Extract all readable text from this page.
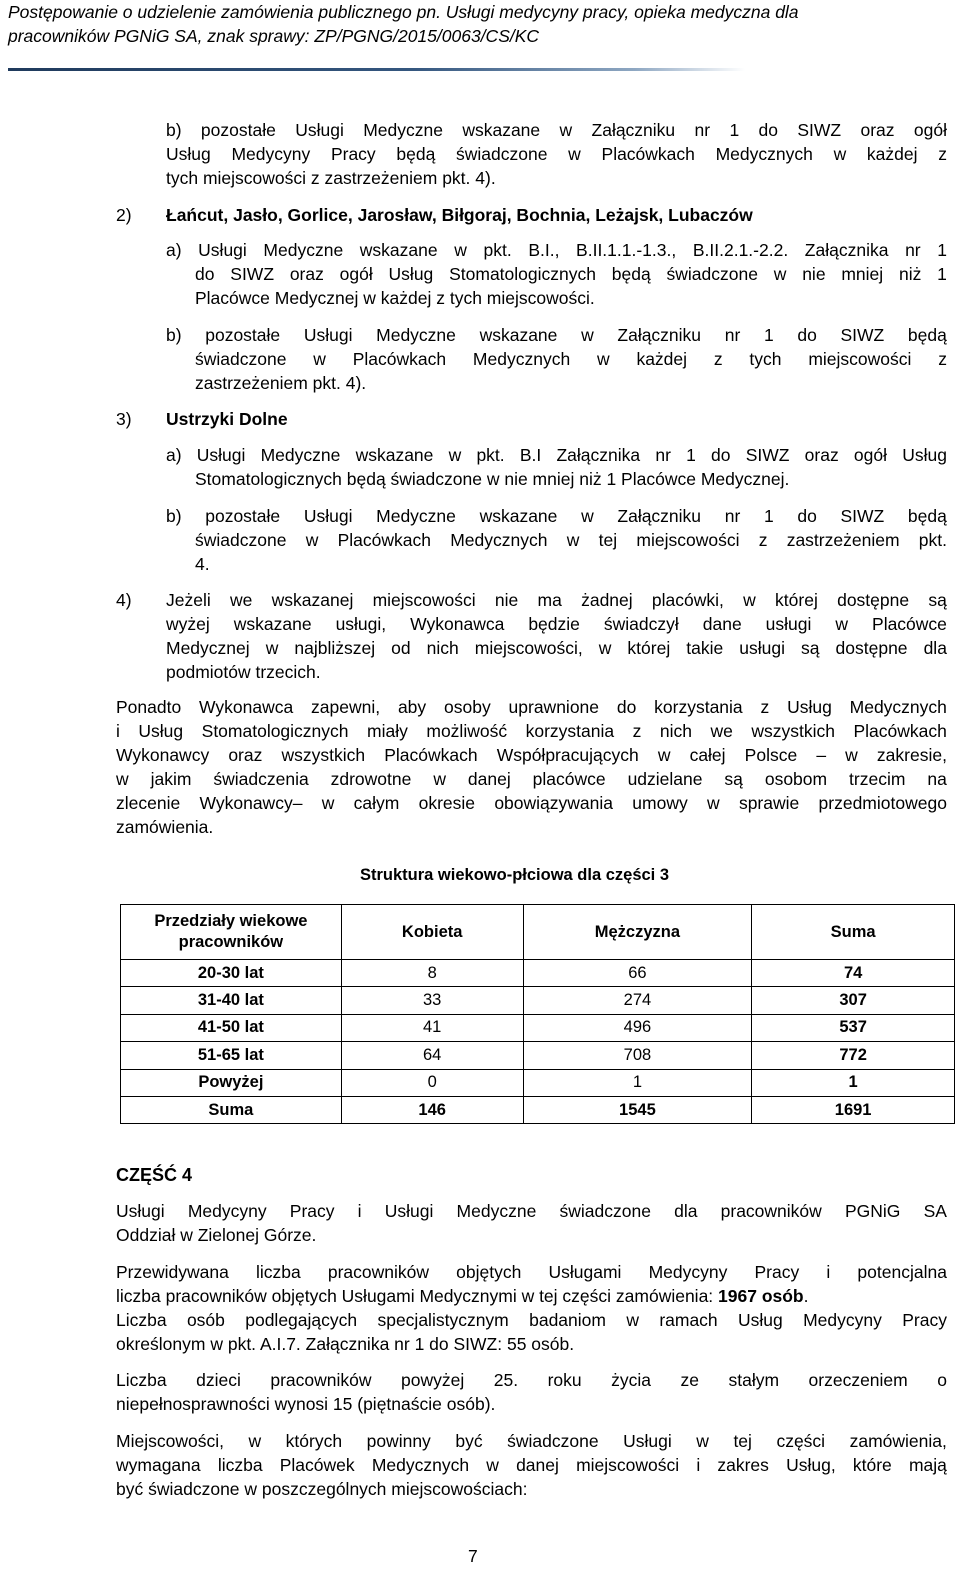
Postępowanie o udzielenie zamówienia publicznego pn. Usługi medycyny pracy, opieka medyczna dla
pracowników PGNiG SA, znak sprawy: ZP/PGNG/2015/0063/CS/KC
b) pozostałe Usługi Medyczne wskazane w Załączniku nr 1 do SIWZ oraz ogół
Usług Medycyny Pracy będą świadczone w Placówkach Medycznych w każdej z
tych miejscowości z zastrzeżeniem pkt. 4).
2) Łańcut, Jasło, Gorlice, Jarosław, Biłgoraj, Bochnia, Leżajsk, Lubaczów
a) Usługi Medyczne wskazane w pkt. B.I., B.II.1.1.-1.3., B.II.2.1.-2.2. Załącznika nr 1
do SIWZ oraz ogół Usług Stomatologicznych będą świadczone w nie mniej niż 1
Placówce Medycznej w każdej z tych miejscowości.
b) pozostałe Usługi Medyczne wskazane w Załączniku nr 1 do SIWZ będą
świadczone w Placówkach Medycznych w każdej z tych miejscowości z
zastrzeżeniem pkt. 4).
3) Ustrzyki Dolne
a) Usługi Medyczne wskazane w pkt. B.I Załącznika nr 1 do SIWZ oraz ogół Usług
Stomatologicznych będą świadczone w nie mniej niż 1 Placówce Medycznej.
b) pozostałe Usługi Medyczne wskazane w Załączniku nr 1 do SIWZ będą
świadczone w Placówkach Medycznych w tej miejscowości z zastrzeżeniem pkt.
4.
4) Jeżeli we wskazanej miejscowości nie ma żadnej placówki, w której dostępne są
wyżej wskazane usługi, Wykonawca będzie świadczył dane usługi w Placówce
Medycznej w najbliższej od nich miejscowości, w której takie usługi są dostępne dla
podmiotów trzecich.
Ponadto Wykonawca zapewni, aby osoby uprawnione do korzystania z Usług Medycznych
i Usług Stomatologicznych miały możliwość korzystania z nich we wszystkich Placówkach
Wykonawcy oraz wszystkich Placówkach Współpracujących w całej Polsce – w zakresie,
w jakim świadczenia zdrowotne w danej placówce udzielane są osobom trzecim na
zlecenie Wykonawcy– w całym okresie obowiązywania umowy w sprawie przedmiotowego
zamówienia.
Struktura wiekowo-płciowa dla części 3
Przedziały wiekowe pracowników	Kobieta	Mężczyzna	Suma
20-30 lat	8	66	74
31-40 lat	33	274	307
41-50 lat	41	496	537
51-65 lat	64	708	772
Powyżej	0	1	1
Suma	146	1545	1691
CZĘŚĆ 4
Usługi Medycyny Pracy i Usługi Medyczne świadczone dla pracowników PGNiG SA
Oddział w Zielonej Górze.
Przewidywana liczba pracowników objętych Usługami Medycyny Pracy i potencjalna
liczba pracowników objętych Usługami Medycznymi w tej części zamówienia: 1967 osób.
Liczba osób podlegających specjalistycznym badaniom w ramach Usług Medycyny Pracy
określonym w pkt. A.I.7. Załącznika nr 1 do SIWZ: 55 osób.
Liczba dzieci pracowników powyżej 25. roku życia ze stałym orzeczeniem o
niepełnosprawności wynosi 15 (piętnaście osób).
Miejscowości, w których powinny być świadczone Usługi w tej części zamówienia,
wymagana liczba Placówek Medycznych w danej miejscowości i zakres Usług, które mają
być świadczone w poszczególnych miejscowościach:
7
